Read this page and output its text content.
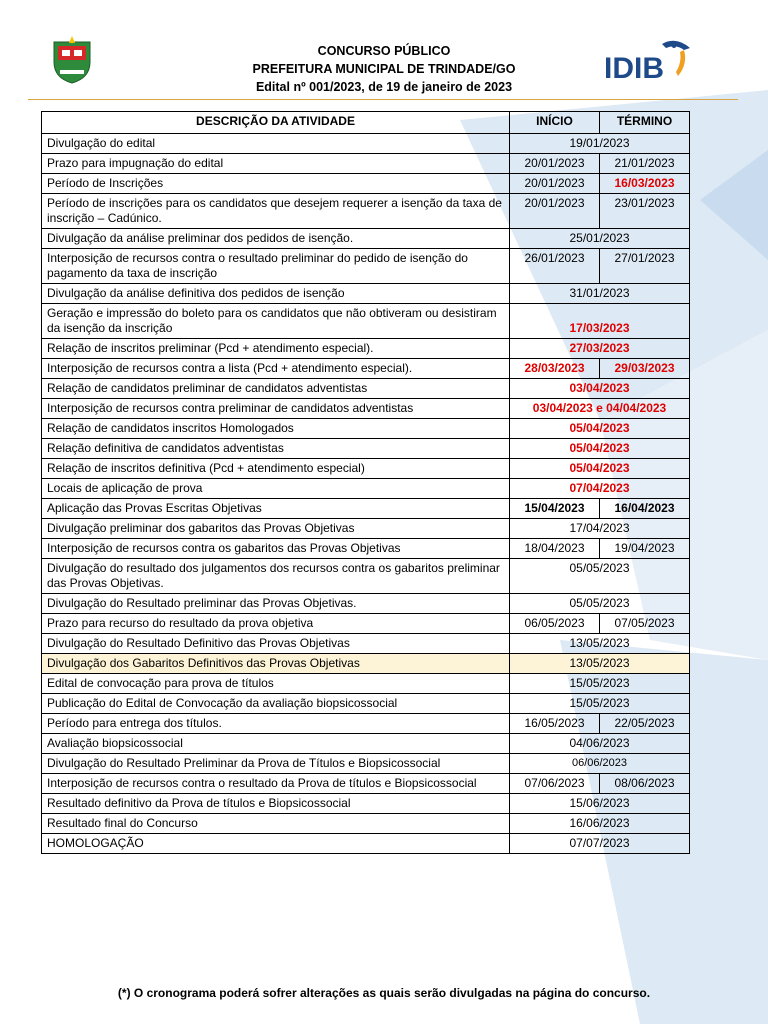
CONCURSO PÚBLICO
PREFEITURA MUNICIPAL DE TRINDADE/GO
Edital nº 001/2023, de 19 de janeiro de 2023
IDIB
DESCRIÇÃO DA ATIVIDADE	INÍCIO	TÉRMINO
Divulgação do edital	19/01/2023	
Prazo para impugnação do edital	20/01/2023	21/01/2023
Período de Inscrições	20/01/2023	16/03/2023
Período de inscrições para os candidatos que desejem requerer a isenção da taxa de inscrição – Cadúnico.	20/01/2023	23/01/2023
Divulgação da análise preliminar dos pedidos de isenção.	25/01/2023	
Interposição de recursos contra o resultado preliminar do pedido de isenção do pagamento da taxa de inscrição	26/01/2023	27/01/2023
Divulgação da análise definitiva dos pedidos de isenção	31/01/2023	
Geração e impressão do boleto para os candidatos que não obtiveram ou desistiram da isenção da inscrição	17/03/2023	
Relação de inscritos preliminar (Pcd + atendimento especial).	27/03/2023	
Interposição de recursos contra a lista (Pcd + atendimento especial).	28/03/2023	29/03/2023
Relação de candidatos preliminar de candidatos adventistas	03/04/2023	
Interposição de recursos contra preliminar de candidatos adventistas	03/04/2023 e 04/04/2023	
Relação de candidatos inscritos Homologados	05/04/2023	
Relação definitiva de candidatos adventistas	05/04/2023	
Relação de inscritos definitiva (Pcd + atendimento especial)	05/04/2023	
Locais de aplicação de prova	07/04/2023	
Aplicação das Provas Escritas Objetivas	15/04/2023	16/04/2023
Divulgação preliminar dos gabaritos das Provas Objetivas	17/04/2023	
Interposição de recursos contra os gabaritos das Provas Objetivas	18/04/2023	19/04/2023
Divulgação do resultado dos julgamentos dos recursos contra os gabaritos preliminar das Provas Objetivas.	05/05/2023	
Divulgação do Resultado preliminar das Provas Objetivas.	05/05/2023	
Prazo para recurso do resultado da prova objetiva	06/05/2023	07/05/2023
Divulgação do Resultado Definitivo das Provas Objetivas	13/05/2023	
Divulgação dos Gabaritos Definitivos das Provas Objetivas	13/05/2023	
Edital de convocação para prova de títulos	15/05/2023	
Publicação do Edital de Convocação da avaliação biopsicossocial	15/05/2023	
Período para entrega dos títulos.	16/05/2023	22/05/2023
Avaliação biopsicossocial	04/06/2023	
Divulgação do Resultado Preliminar da Prova de Títulos e Biopsicossocial	06/06/2023	
Interposição de recursos contra o resultado da Prova de títulos e Biopsicossocial	07/06/2023	08/06/2023
Resultado definitivo da Prova de títulos e Biopsicossocial	15/06/2023	
Resultado final do Concurso	16/06/2023	
HOMOLOGAÇÃO	07/07/2023	
(*) O cronograma poderá sofrer alterações as quais serão divulgadas na página do concurso.
